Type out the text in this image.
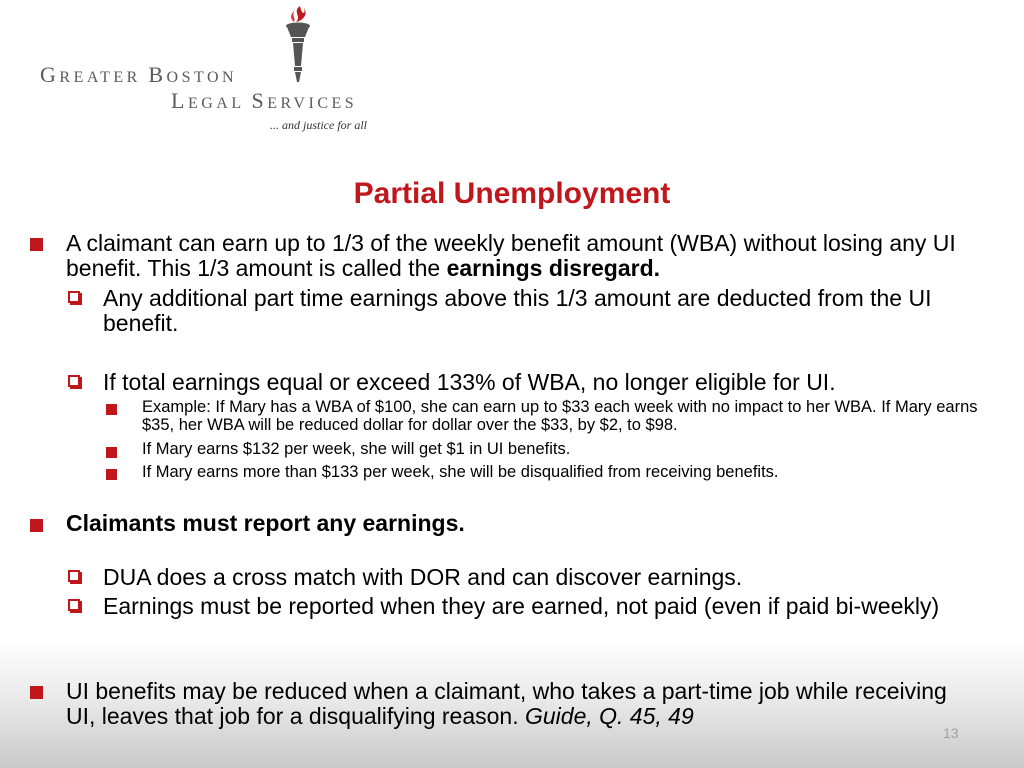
GREATER BOSTON
LEGAL SERVICES
... and justice for all
Partial Unemployment
A claimant can earn up to 1/3 of the weekly benefit amount (WBA) without losing any UI benefit. This 1/3 amount is called the earnings disregard.
Any additional part time earnings above this 1/3 amount are deducted from the UI benefit.
If total earnings equal or exceed 133% of WBA, no longer eligible for UI.
Example: If Mary has a WBA of $100, she can earn up to $33 each week with no impact to her WBA. If Mary earns $35, her WBA will be reduced dollar for dollar over the $33, by $2, to $98.
If Mary earns $132 per week, she will get $1 in UI benefits.
If Mary earns more than $133 per week, she will be disqualified from receiving benefits.
Claimants must report any earnings.
DUA does a cross match with DOR and can discover earnings.
Earnings must be reported when they are earned, not paid (even if paid bi-weekly)
UI benefits may be reduced when a claimant, who takes a part-time job while receiving UI, leaves that job for a disqualifying reason. Guide, Q. 45, 49
13
